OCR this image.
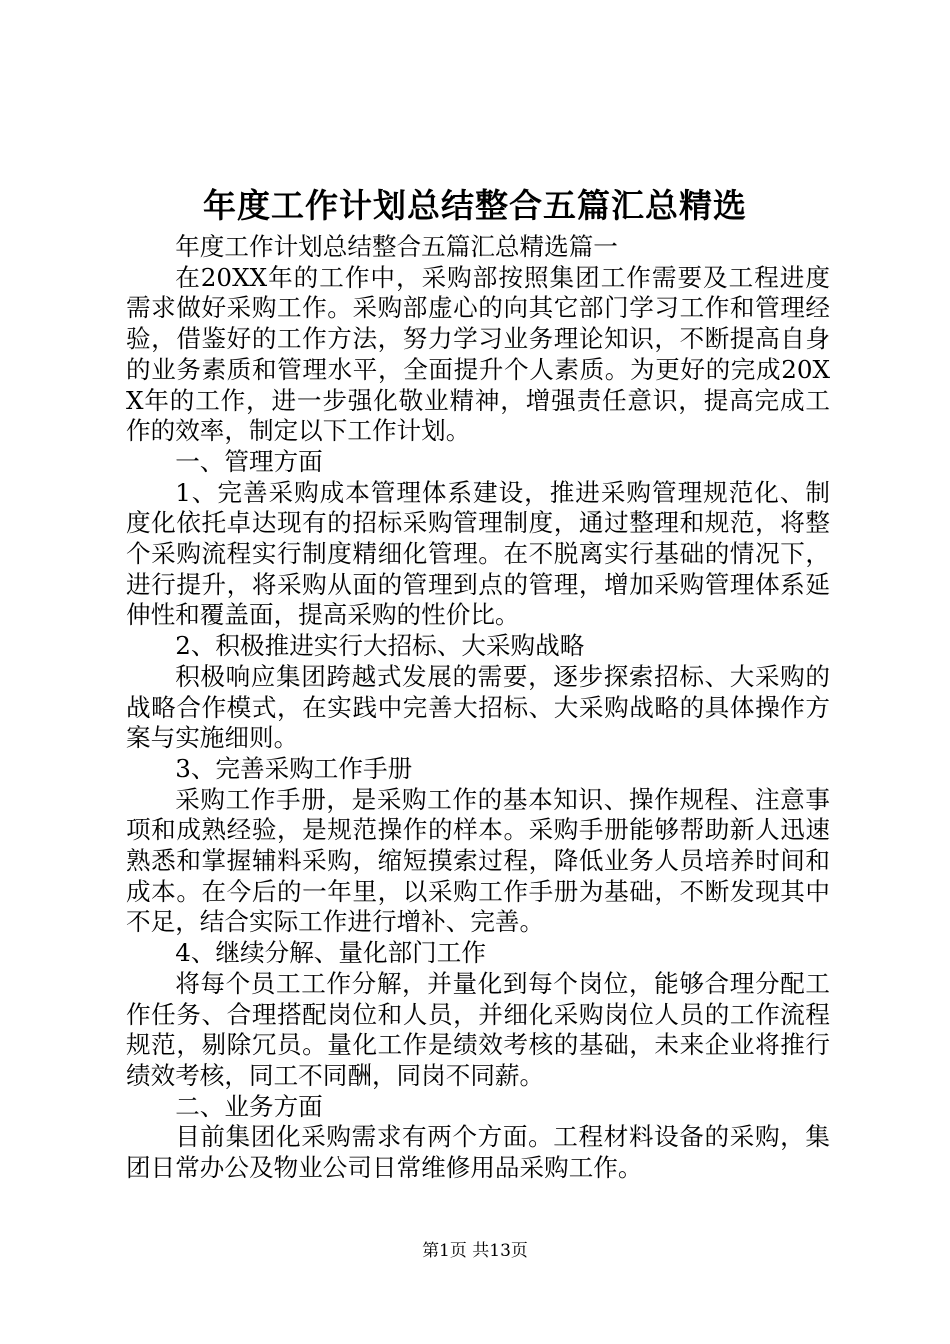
年度工作计划总结整合五篇汇总精选

年度工作计划总结整合五篇汇总精选篇一

在20XX年的工作中，采购部按照集团工作需要及工程进度需求做好采购工作。采购部虚心的向其它部门学习工作和管理经验，借鉴好的工作方法，努力学习业务理论知识，不断提高自身的业务素质和管理水平，全面提升个人素质。为更好的完成20XX年的工作，进一步强化敬业精神，增强责任意识，提高完成工作的效率，制定以下工作计划。

一、管理方面

1、完善采购成本管理体系建设，推进采购管理规范化、制度化依托卓达现有的招标采购管理制度，通过整理和规范，将整个采购流程实行制度精细化管理。在不脱离实行基础的情况下，进行提升，将采购从面的管理到点的管理，增加采购管理体系延伸性和覆盖面，提高采购的性价比。

2、积极推进实行大招标、大采购战略

积极响应集团跨越式发展的需要，逐步探索招标、大采购的战略合作模式，在实践中完善大招标、大采购战略的具体操作方案与实施细则。

3、完善采购工作手册

采购工作手册，是采购工作的基本知识、操作规程、注意事项和成熟经验，是规范操作的样本。采购手册能够帮助新人迅速熟悉和掌握辅料采购，缩短摸索过程，降低业务人员培养时间和成本。在今后的一年里，以采购工作手册为基础，不断发现其中不足，结合实际工作进行增补、完善。

4、继续分解、量化部门工作

将每个员工工作分解，并量化到每个岗位，能够合理分配工作任务、合理搭配岗位和人员，并细化采购岗位人员的工作流程规范，剔除冗员。量化工作是绩效考核的基础，未来企业将推行绩效考核，同工不同酬，同岗不同薪。

二、业务方面

目前集团化采购需求有两个方面。工程材料设备的采购，集团日常办公及物业公司日常维修用品采购工作。

第1页 共13页
